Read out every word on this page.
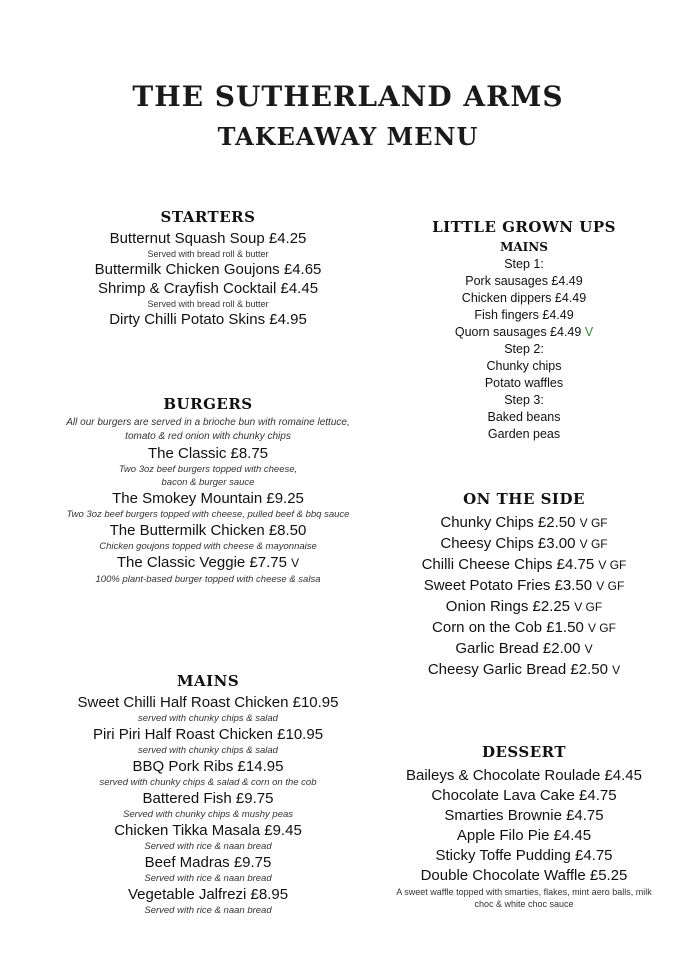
THE SUTHERLAND ARMS
TAKEAWAY MENU
STARTERS
Butternut Squash Soup £4.25
Served with bread roll & butter
Buttermilk Chicken Goujons £4.65
Shrimp & Crayfish Cocktail £4.45
Served with bread roll & butter
Dirty Chilli Potato Skins £4.95
BURGERS
All our burgers are served in a brioche bun with romaine lettuce,
tomato & red onion with chunky chips
The Classic £8.75
Two 3oz beef burgers topped with cheese,
bacon & burger sauce
The Smokey Mountain £9.25
Two 3oz beef burgers topped with cheese, pulled beef & bbq sauce
The Buttermilk Chicken £8.50
Chicken goujons topped with cheese & mayonnaise
The Classic Veggie £7.75 V
100% plant-based burger topped with cheese & salsa
MAINS
Sweet Chilli Half Roast Chicken £10.95
served with chunky chips & salad
Piri Piri Half Roast Chicken £10.95
served with chunky chips & salad
BBQ Pork Ribs £14.95
served with chunky chips & salad & corn on the cob
Battered Fish £9.75
Served with chunky chips & mushy peas
Chicken Tikka Masala £9.45
Served with rice & naan bread
Beef Madras £9.75
Served with rice & naan bread
Vegetable Jalfrezi £8.95
Served with rice & naan bread
LITTLE GROWN UPS
MAINS
Step 1:
Pork sausages £4.49
Chicken dippers £4.49
Fish fingers £4.49
Quorn sausages £4.49 V
Step 2:
Chunky chips
Potato waffles
Step 3:
Baked beans
Garden peas
ON THE SIDE
Chunky Chips £2.50 V GF
Cheesy Chips £3.00 V GF
Chilli Cheese Chips £4.75 V GF
Sweet Potato Fries £3.50 V GF
Onion Rings £2.25 V GF
Corn on the Cob £1.50 V GF
Garlic Bread £2.00 V
Cheesy Garlic Bread £2.50 V
DESSERT
Baileys & Chocolate Roulade £4.45
Chocolate Lava Cake £4.75
Smarties Brownie £4.75
Apple Filo Pie £4.45
Sticky Toffe Pudding £4.75
Double Chocolate Waffle £5.25
A sweet waffle topped with smarties, flakes, mint aero balls, milk
choc & white choc sauce
